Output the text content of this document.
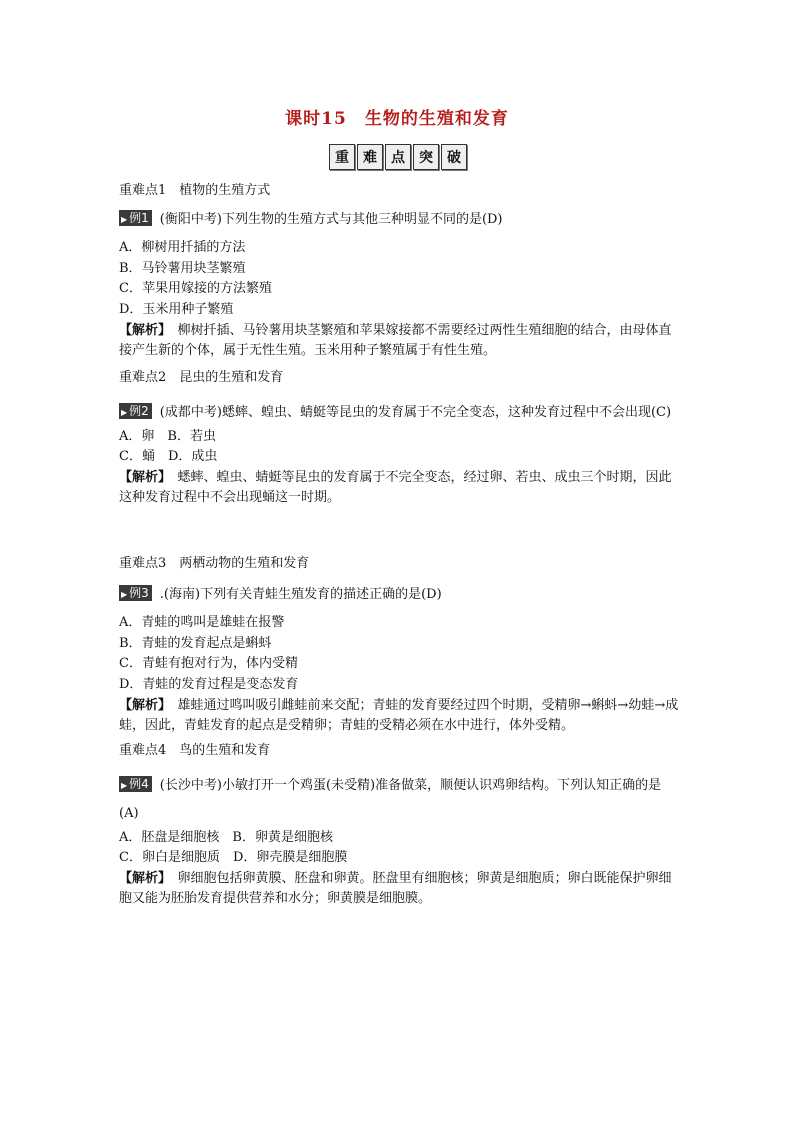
课时15　生物的生殖和发育
重	难	点	突	破
重难点1　植物的生殖方式
▶ 例1 (衡阳中考)下列生物的生殖方式与其他三种明显不同的是(D)
A．柳树用扦插的方法
B．马铃薯用块茎繁殖
C．苹果用嫁接的方法繁殖
D．玉米用种子繁殖
【解析】　 柳树扦插、马铃薯用块茎繁殖和苹果嫁接都不需要经过两性生殖细胞的结合，由母体直接产生新的个体，属于无性生殖。玉米用种子繁殖属于有性生殖。
重难点2　昆虫的生殖和发育
▶ 例2 (成都中考)蟋蟀、蝗虫、蜻蜓等昆虫的发育属于不完全变态，这种发育过程中不会出现(C)
A．卵　B．若虫
C．蛹　D．成虫
【解析】　 蟋蟀、蝗虫、蜻蜓等昆虫的发育属于不完全变态，经过卵、若虫、成虫三个时期，因此这种发育过程中不会出现蛹这一时期。
重难点3　两栖动物的生殖和发育
▶ 例3 .(海南)下列有关青蛙生殖发育的描述正确的是(D)
A．青蛙的鸣叫是雄蛙在报警
B．青蛙的发育起点是蝌蚪
C．青蛙有抱对行为，体内受精
D．青蛙的发育过程是变态发育
【解析】　 雄蛙通过鸣叫吸引雌蛙前来交配；青蛙的发育要经过四个时期，受精卵→蝌蚪→幼蛙→成蛙，因此，青蛙发育的起点是受精卵；青蛙的受精必须在水中进行，体外受精。
重难点4　鸟的生殖和发育
▶ 例4 (长沙中考)小敏打开一个鸡蛋(未受精)准备做菜，顺便认识鸡卵结构。下列认知正确的是(A)
A．胚盘是细胞核　B．卵黄是细胞核
C．卵白是细胞质　D．卵壳膜是细胞膜
【解析】　 卵细胞包括卵黄膜、胚盘和卵黄。胚盘里有细胞核；卵黄是细胞质；卵白既能保护卵细胞又能为胚胎发育提供营养和水分；卵黄膜是细胞膜。
